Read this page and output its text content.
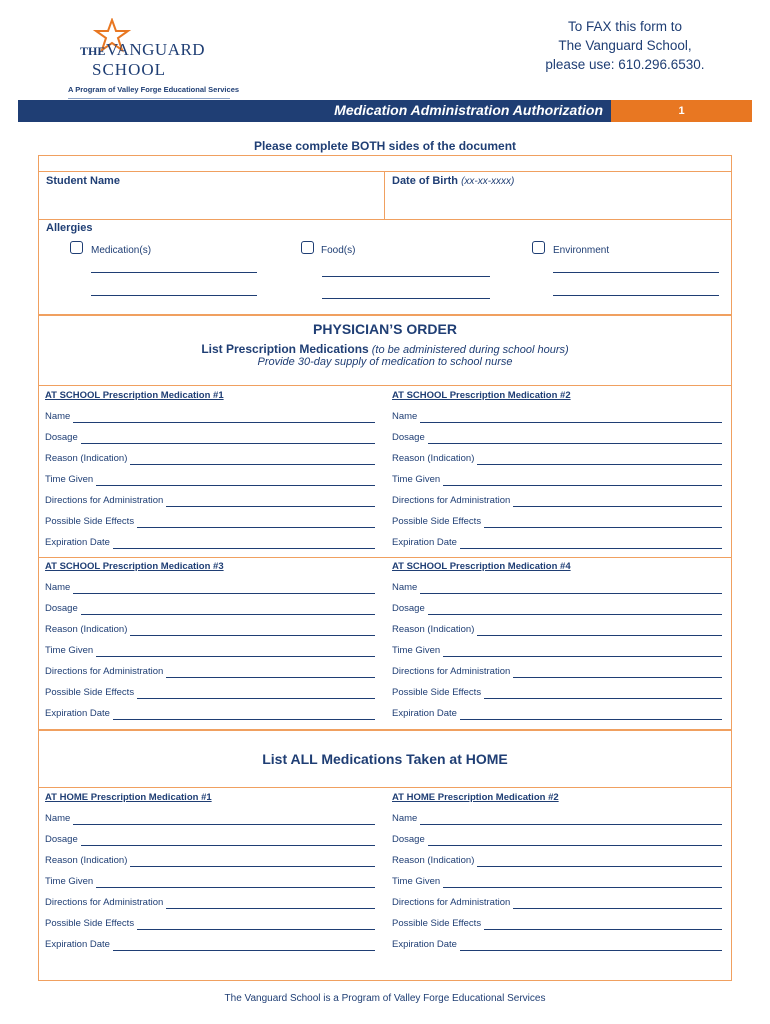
THE VANGUARD
SCHOOL
A Program of Valley Forge Educational Services
To FAX this form to
The Vanguard School,
please use: 610.296.6530.
Medication Administration Authorization	1
Please complete BOTH sides of the document
Student Name	Date of Birth (xx-xx-xxxx)
Allergies
Medication(s)	Food(s)	Environment
PHYSICIAN’S ORDER
List Prescription Medications (to be administered during school hours)
Provide 30-day supply of medication to school nurse
AT SCHOOL Prescription Medication #1
Name
Dosage
Reason (Indication)
Time Given
Directions for Administration
Possible Side Effects
Expiration Date
AT SCHOOL Prescription Medication #2
Name
Dosage
Reason (Indication)
Time Given
Directions for Administration
Possible Side Effects
Expiration Date
AT SCHOOL Prescription Medication #3
Name
Dosage
Reason (Indication)
Time Given
Directions for Administration
Possible Side Effects
Expiration Date
AT SCHOOL Prescription Medication #4
Name
Dosage
Reason (Indication)
Time Given
Directions for Administration
Possible Side Effects
Expiration Date
List ALL Medications Taken at HOME
AT HOME Prescription Medication #1
Name
Dosage
Reason (Indication)
Time Given
Directions for Administration
Possible Side Effects
Expiration Date
AT HOME Prescription Medication #2
Name
Dosage
Reason (Indication)
Time Given
Directions for Administration
Possible Side Effects
Expiration Date
The Vanguard School is a Program of Valley Forge Educational Services
